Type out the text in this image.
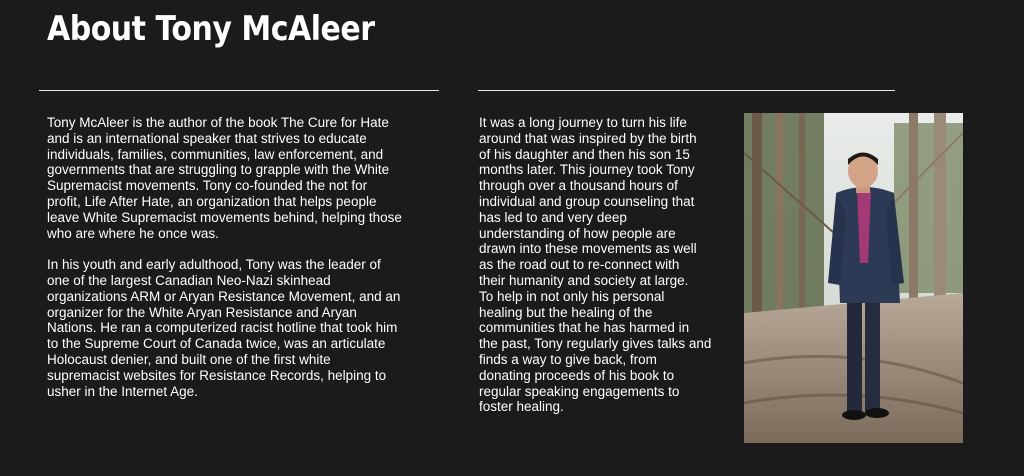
About Tony McAleer

Tony McAleer is the author of the book The Cure for Hate
and is an international speaker that strives to educate
individuals, families, communities, law enforcement, and
governments that are struggling to grapple with the White
Supremacist movements. Tony co-founded the not for
profit, Life After Hate, an organization that helps people
leave White Supremacist movements behind, helping those
who are where he once was.

In his youth and early adulthood, Tony was the leader of
one of the largest Canadian Neo-Nazi skinhead
organizations ARM or Aryan Resistance Movement, and an
organizer for the White Aryan Resistance and Aryan
Nations. He ran a computerized racist hotline that took him
to the Supreme Court of Canada twice, was an articulate
Holocaust denier, and built one of the first white
supremacist websites for Resistance Records, helping to
usher in the Internet Age.

It was a long journey to turn his life
around that was inspired by the birth
of his daughter and then his son 15
months later. This journey took Tony
through over a thousand hours of
individual and group counseling that
has led to and very deep
understanding of how people are
drawn into these movements as well
as the road out to re-connect with
their humanity and society at large.
To help in not only his personal
healing but the healing of the
communities that he has harmed in
the past, Tony regularly gives talks and
finds a way to give back, from
donating proceeds of his book to
regular speaking engagements to
foster healing.
